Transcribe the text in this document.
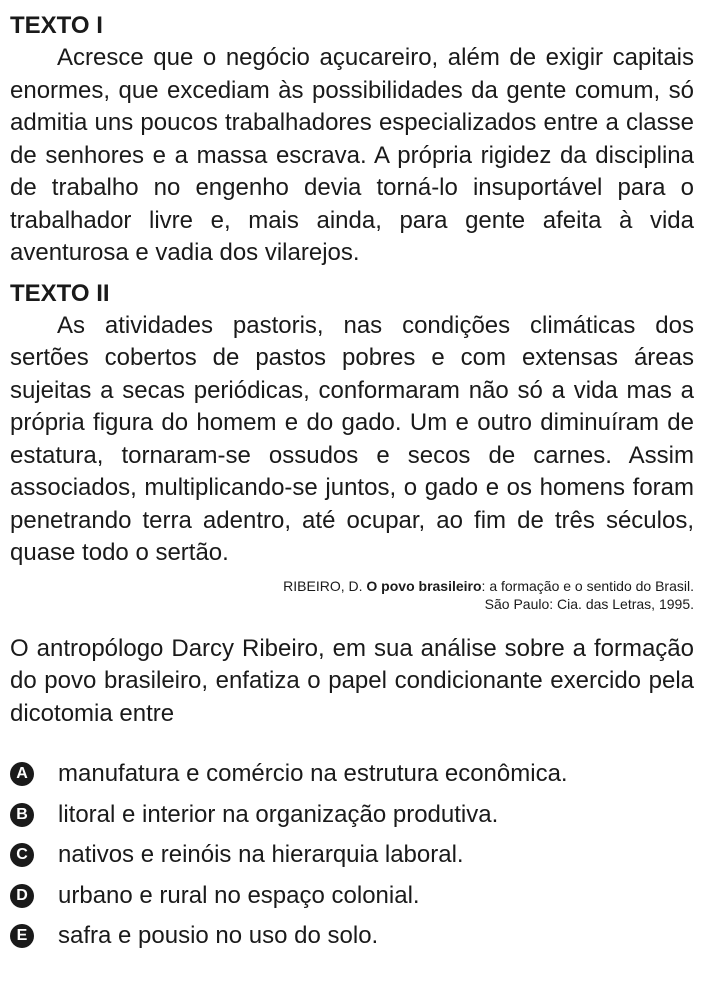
TEXTO I

Acresce que o negócio açucareiro, além de exigir capitais enormes, que excediam às possibilidades da gente comum, só admitia uns poucos trabalhadores especializados entre a classe de senhores e a massa escrava. A própria rigidez da disciplina de trabalho no engenho devia torná-lo insuportável para o trabalhador livre e, mais ainda, para gente afeita à vida aventurosa e vadia dos vilarejos.

TEXTO II

As atividades pastoris, nas condições climáticas dos sertões cobertos de pastos pobres e com extensas áreas sujeitas a secas periódicas, conformaram não só a vida mas a própria figura do homem e do gado. Um e outro diminuíram de estatura, tornaram-se ossudos e secos de carnes. Assim associados, multiplicando-se juntos, o gado e os homens foram penetrando terra adentro, até ocupar, ao fim de três séculos, quase todo o sertão.

RIBEIRO, D. O povo brasileiro: a formação e o sentido do Brasil.
São Paulo: Cia. das Letras, 1995.

O antropólogo Darcy Ribeiro, em sua análise sobre a formação do povo brasileiro, enfatiza o papel condicionante exercido pela dicotomia entre

A manufatura e comércio na estrutura econômica.
B litoral e interior na organização produtiva.
C nativos e reinóis na hierarquia laboral.
D urbano e rural no espaço colonial.
E safra e pousio no uso do solo.
